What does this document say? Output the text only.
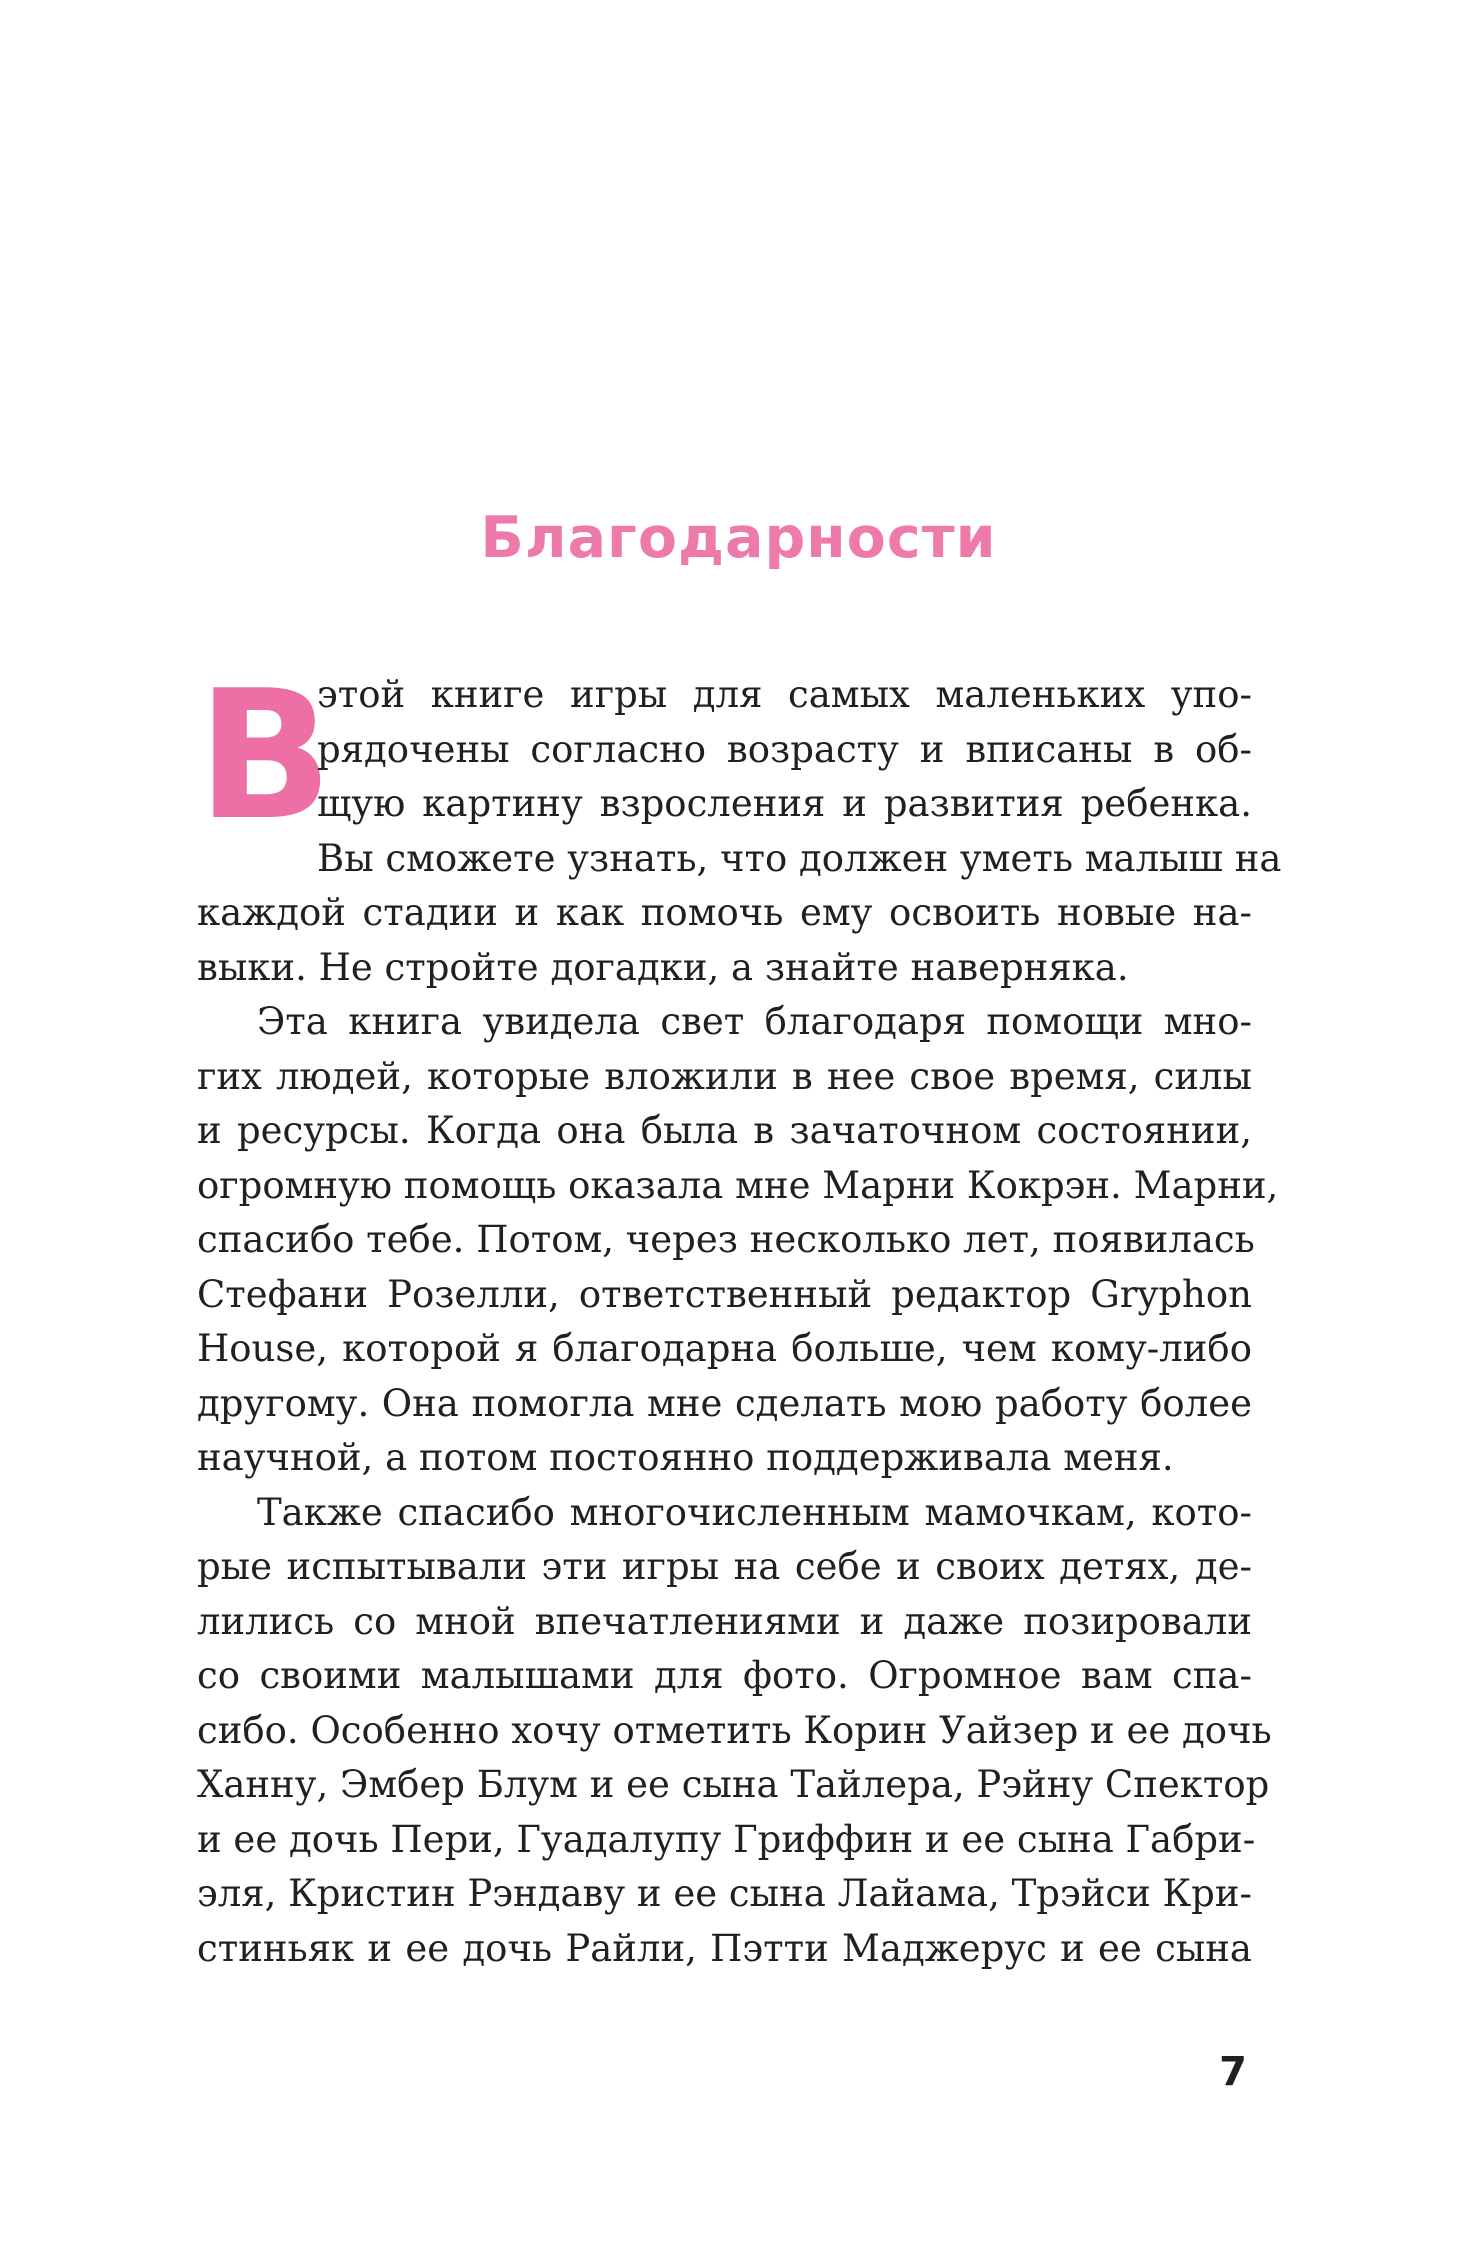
Благодарности

В
этой книге игры для самых маленьких упо-
рядочены согласно возрасту и вписаны в об-
щую картину взросления и развития ребенка.
Вы сможете узнать, что должен уметь малыш на
каждой стадии и как помочь ему освоить новые на-
выки. Не стройте догадки, а знайте наверняка.

Эта книга увидела свет благодаря помощи мно-
гих людей, которые вложили в нее свое время, силы
и ресурсы. Когда она была в зачаточном состоянии,
огромную помощь оказала мне Марни Кокрэн. Марни,
спасибо тебе. Потом, через несколько лет, появилась
Стефани Розелли, ответственный редактор Gryphon
House, которой я благодарна больше, чем кому-либо
другому. Она помогла мне сделать мою работу более
научной, а потом постоянно поддерживала меня.

Также спасибо многочисленным мамочкам, кото-
рые испытывали эти игры на себе и своих детях, де-
лились со мной впечатлениями и даже позировали
со своими малышами для фото. Огромное вам спа-
сибо. Особенно хочу отметить Корин Уайзер и ее дочь
Ханну, Эмбер Блум и ее сына Тайлера, Рэйну Спектор
и ее дочь Пери, Гуадалупу Гриффин и ее сына Габри-
эля, Кристин Рэндаву и ее сына Лайама, Трэйси Кри-
стиньяк и ее дочь Райли, Пэтти Маджерус и ее сына

7
